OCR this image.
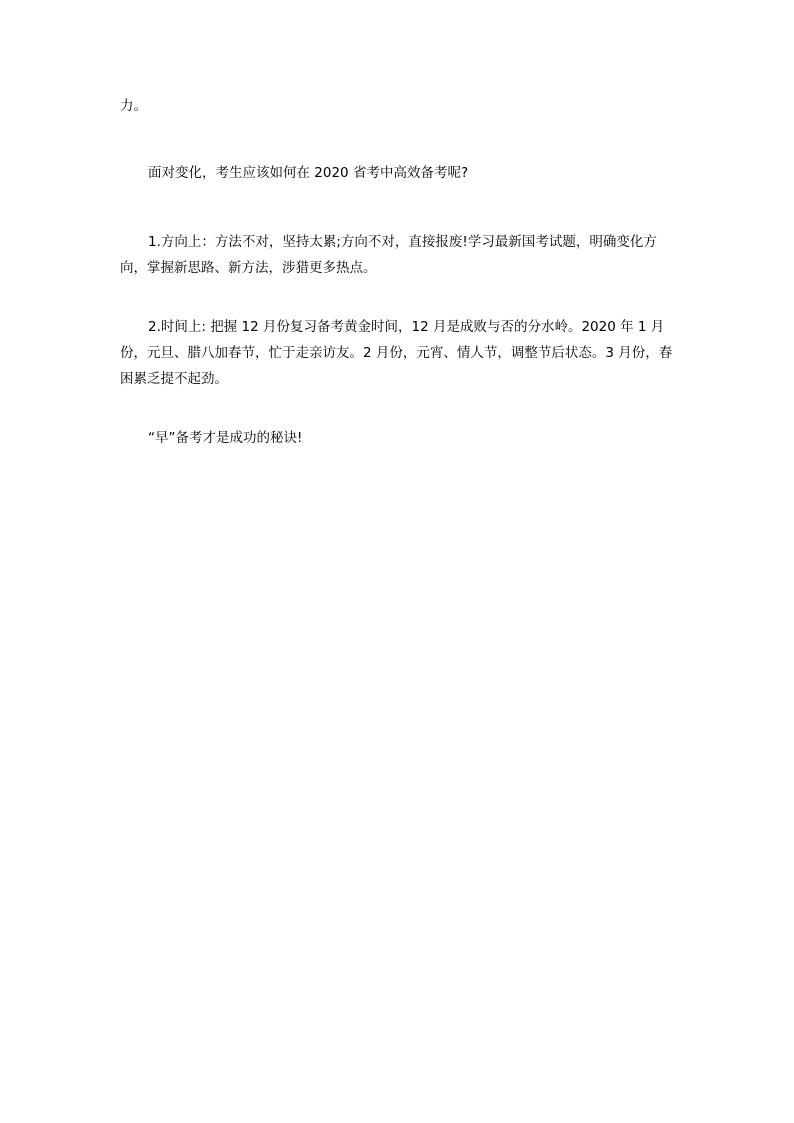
力。

面对变化，考生应该如何在 2020 省考中高效备考呢?

1.方向上：方法不对，坚持太累;方向不对，直接报废!学习最新国考试题，明确变化方向，掌握新思路、新方法，涉猎更多热点。

2.时间上: 把握 12 月份复习备考黄金时间，12 月是成败与否的分水岭。2020 年 1 月份，元旦、腊八加春节，忙于走亲访友。2 月份，元宵、情人节，调整节后状态。3 月份，春困累乏提不起劲。

“早”备考才是成功的秘诀!
